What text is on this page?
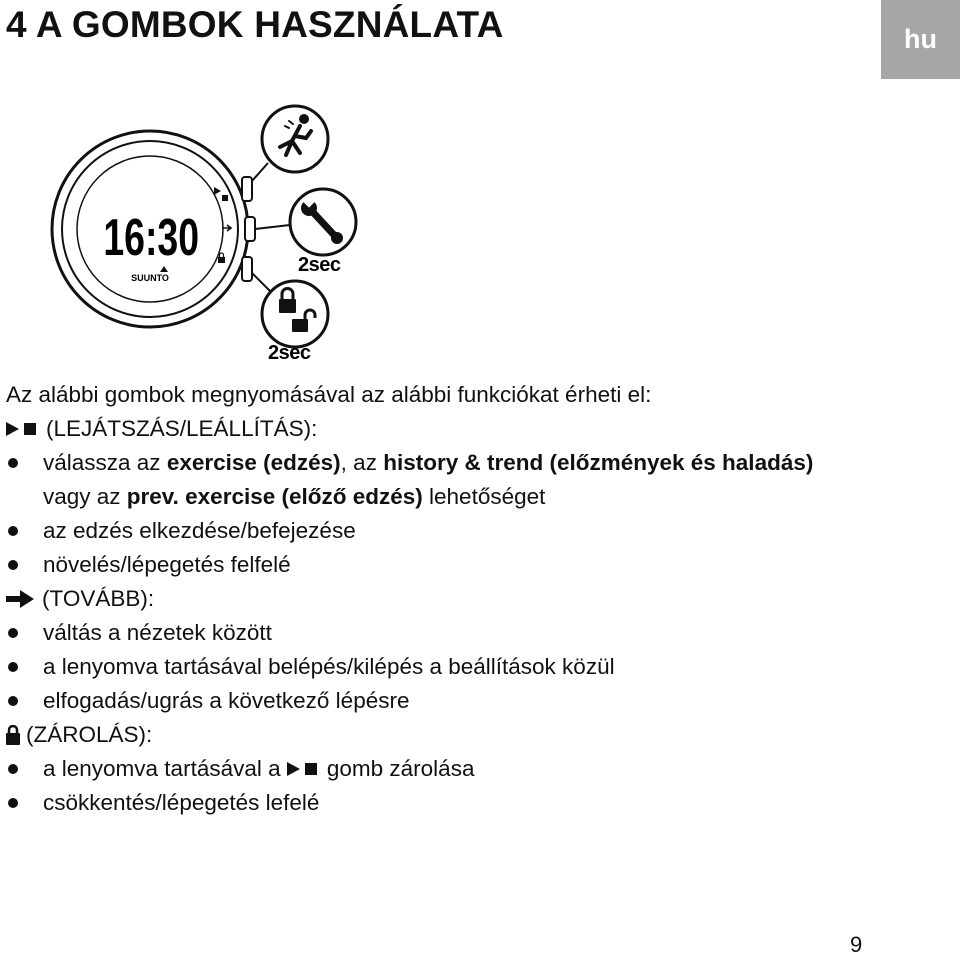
4 A GOMBOK HASZNÁLATA	hu
16:30
SUUNTO
2sec
2sec
Az alábbi gombok megnyomásával az alábbi funkciókat érheti el:
(LEJÁTSZÁS/LEÁLLÍTÁS):
válassza az exercise (edzés) , az history & trend (előzmények és haladás)
vagy az prev. exercise (előző edzés) lehetőséget
az edzés elkezdése/befejezése
növelés/lépegetés felfelé
(TOVÁBB):
váltás a nézetek között
a lenyomva tartásával belépés/kilépés a beállítások közül
elfogadás/ugrás a következő lépésre
(ZÁROLÁS):
a lenyomva tartásával a gomb zárolása
csökkentés/lépegetés lefelé
9
